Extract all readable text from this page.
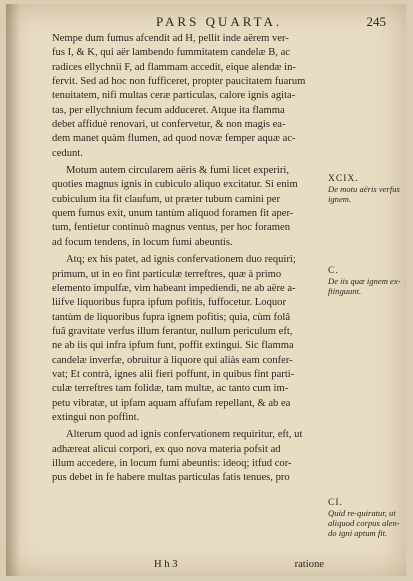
PARS QUARTA.	245

Nempe dum fumus afcendit ad H, pellit inde aërem ver-
fus I, & K, qui aër lambendo fummitatem candelæ B, ac
radices ellychnii F, ad flammam accedit, eique alendæ in-
fervit. Sed ad hoc non fufficeret, propter paucitatem fuarum
tenuitatem, nifi multas ceræ particulas, calore ignis agita-
tas, per ellychnium fecum adduceret. Atque ita flamma
debet affiduè renovari, ut confervetur, & non magis ea-
dem manet quàm flumen, ad quod novæ femper aquæ ac-
cedunt.

Motum autem circularem aëris & fumi licet experiri,
quoties magnus ignis in cubiculo aliquo excitatur. Si enim
cubiculum ita fit claufum, ut præter tubum camini per
quem fumus exit, unum tantùm aliquod foramen fit aper-
tum, fentietur continuò magnus ventus, per hoc foramen
ad focum tendens, in locum fumi abeuntis.

Atq; ex his patet, ad ignis confervationem duo requiri;
primum, ut in eo fint particulæ terreftres, quæ à primo
elemento impulfæ, vim habeant impediendi, ne ab aëre a-
liifve liquoribus fupra ipfum pofitis, fuffocetur. Loquor
tantùm de liquoribus fupra ignem pofitis; quia, cùm folâ
fuâ gravitate verfus illum ferantur, nullum periculum eft,
ne ab iis qui infra ipfum funt, poffit extingui. Sic flamma
candelæ inverfæ, obruitur à liquore qui aliàs eam confer-
vat; Et contrà, ignes alii fieri poffunt, in quibus fint parti-
culæ terreftres tam folidæ, tam multæ, ac tanto cum im-
petu vibratæ, ut ipfam aquam affufam repellant, & ab ea
extingui non poffint.

Alterum quod ad ignis confervationem requiritur, eft, ut
adhæreat alicui corpori, ex quo nova materia pofsit ad
illum accedere, in locum fumi abeuntis: ideoq; itfud cor-
pus debet in fe habere multas particulas fatis tenues, pro

XCIX.
De motu aëris verfus ignem.
C.
De iis quæ ignem ex-ftinguunt.
CI.
Quid re-quiratur, ut aliquod corpus alen-do igni aptum fit.
H h 3	ratione
